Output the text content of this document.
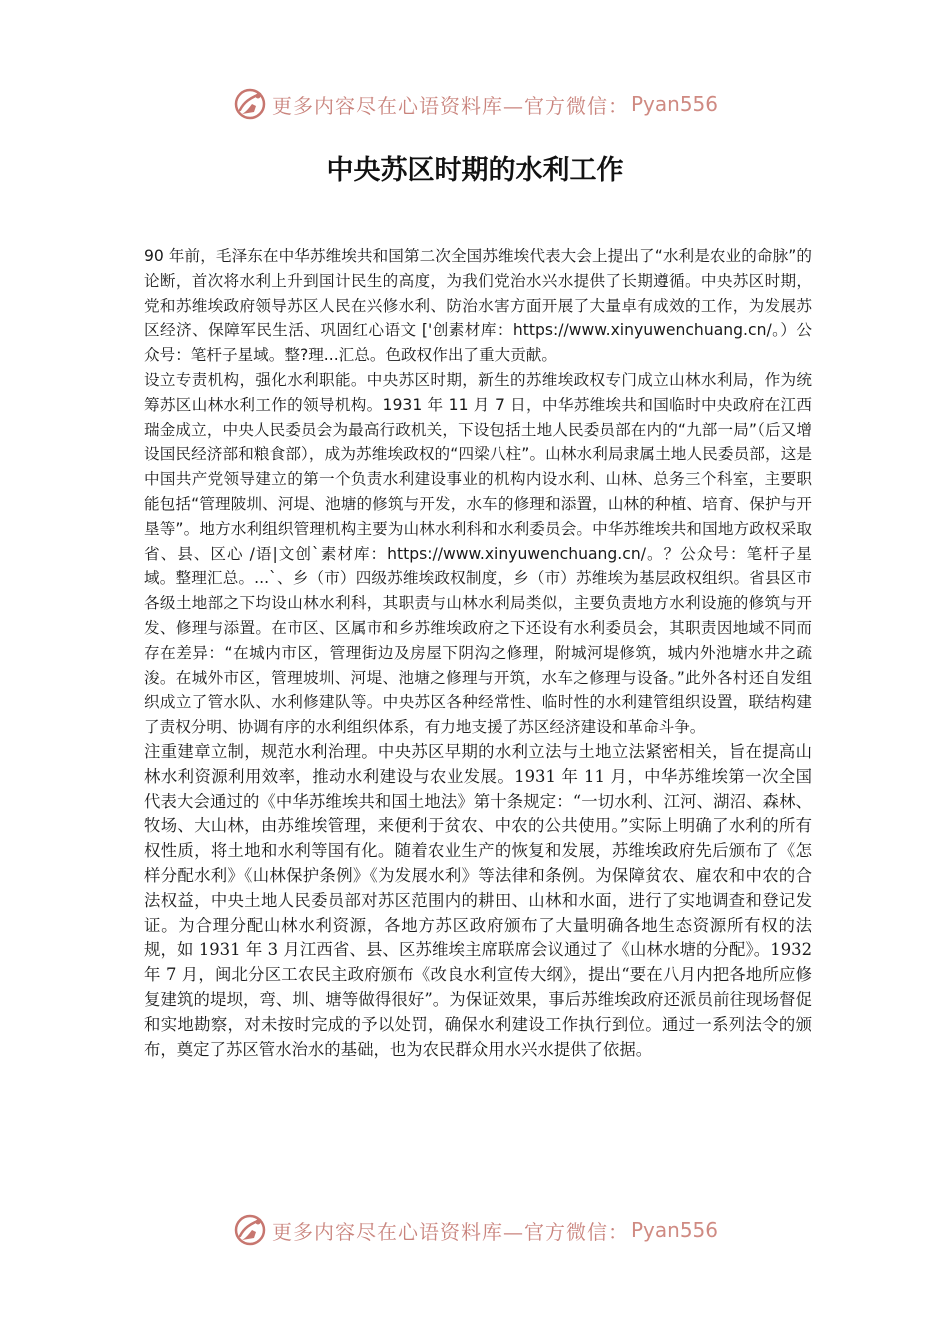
更多内容尽在心语资料库—官方微信： Pyan556
中央苏区时期的水利工作

90 年前，毛泽东在中华苏维埃共和国第二次全国苏维埃代表大会上提出了“水利是农业的命脉”的论断，首次将水利上升到国计民生的高度，为我们党治水兴水提供了长期遵循。中央苏区时期，党和苏维埃政府领导苏区人民在兴修水利、防治水害方面开展了大量卓有成效的工作，为发展苏区经济、保障军民生活、巩固红心语文 ['创素材库：https://www.xinyuwenchuang.cn/。）公众号：笔杆子星域。整?理...汇总。色政权作出了重大贡献。

设立专责机构，强化水利职能。中央苏区时期，新生的苏维埃政权专门成立山林水利局，作为统筹苏区山林水利工作的领导机构。1931 年 11 月 7 日，中华苏维埃共和国临时中央政府在江西瑞金成立，中央人民委员会为最高行政机关，下设包括土地人民委员部在内的“九部一局”（后又增设国民经济部和粮食部），成为苏维埃政权的“四梁八柱”。山林水利局隶属土地人民委员部，这是中国共产党领导建立的第一个负责水利建设事业的机构内设水利、山林、总务三个科室，主要职能包括“管理陂圳、河堤、池塘的修筑与开发，水车的修理和添置，山林的种植、培育、保护与开垦等”。地方水利组织管理机构主要为山林水利科和水利委员会。中华苏维埃共和国地方政权采取省、县、区心 /语|文创`素材库：https://www.xinyuwenchuang.cn/。？公众号：笔杆子星域。整理汇总。...`、乡（市）四级苏维埃政权制度，乡（市）苏维埃为基层政权组织。省县区市各级土地部之下均设山林水利科，其职责与山林水利局类似，主要负责地方水利设施的修筑与开发、修理与添置。在市区、区属市和乡苏维埃政府之下还设有水利委员会，其职责因地域不同而存在差异：“在城内市区，管理街边及房屋下阴沟之修理，附城河堤修筑，城内外池塘水井之疏浚。在城外市区，管理坡圳、河堤、池塘之修理与开筑，水车之修理与设备。”此外各村还自发组织成立了管水队、水利修建队等。中央苏区各种经常性、临时性的水利建管组织设置，联结构建了责权分明、协调有序的水利组织体系，有力地支援了苏区经济建设和革命斗争。

注重建章立制，规范水利治理。中央苏区早期的水利立法与土地立法紧密相关，旨在提高山林水利资源利用效率，推动水利建设与农业发展。1931 年 11 月，中华苏维埃第一次全国代表大会通过的《中华苏维埃共和国土地法》第十条规定：“一切水利、江河、湖沼、森林、牧场、大山林，由苏维埃管理，来便利于贫农、中农的公共使用。”实际上明确了水利的所有权性质，将土地和水利等国有化。随着农业生产的恢复和发展，苏维埃政府先后颁布了《怎样分配水利》《山林保护条例》《为发展水利》等法律和条例。为保障贫农、雇农和中农的合法权益，中央土地人民委员部对苏区范围内的耕田、山林和水面，进行了实地调查和登记发证。为合理分配山林水利资源，各地方苏区政府颁布了大量明确各地生态资源所有权的法规，如 1931 年 3 月江西省、县、区苏维埃主席联席会议通过了《山林水塘的分配》。1932 年 7 月，闽北分区工农民主政府颁布《改良水利宣传大纲》，提出“要在八月内把各地所应修复建筑的堤坝，弯、圳、塘等做得很好”。为保证效果，事后苏维埃政府还派员前往现场督促和实地勘察，对未按时完成的予以处罚，确保水利建设工作执行到位。通过一系列法令的颁布，奠定了苏区管水治水的基础，也为农民群众用水兴水提供了依据。

更多内容尽在心语资料库—官方微信： Pyan556
